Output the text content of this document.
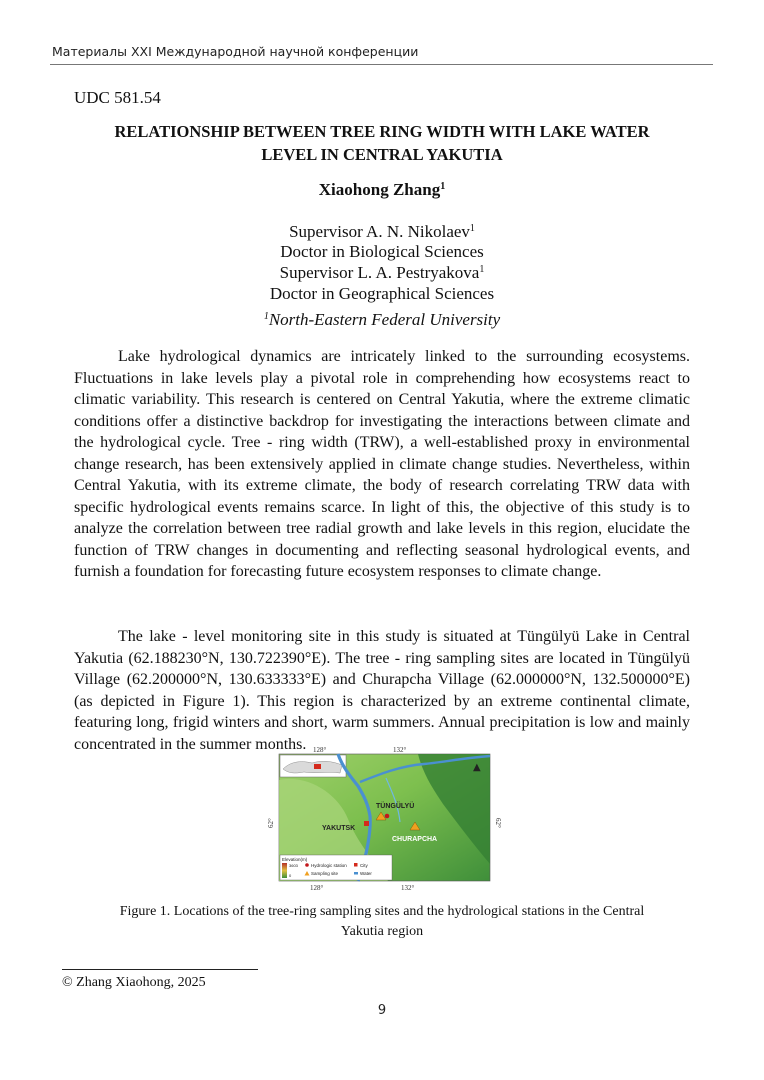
Материалы XXI Международной научной конференции
UDC 581.54
RELATIONSHIP BETWEEN TREE RING WIDTH WITH LAKE WATER
LEVEL IN CENTRAL YAKUTIA
Xiaohong Zhang$^1$
Supervisor A. N. Nikolaev$^1$
Doctor in Biological Sciences
Supervisor L. A. Pestryakova$^1$
Doctor in Geographical Sciences
$^1$North-Eastern Federal University

Lake hydrological dynamics are intricately linked to the surrounding ecosystems. Fluctuations in lake levels play a pivotal role in comprehending how ecosystems react to climatic variability. This research is centered on Central Yakutia, where the extreme climatic conditions offer a distinctive backdrop for investigating the interactions between climate and the hydrological cycle. Tree - ring width (TRW), a well-established proxy in environmental change research, has been extensively applied in climate change studies. Nevertheless, within Central Yakutia, with its extreme climate, the body of research correlating TRW data with specific hydrological events remains scarce. In light of this, the objective of this study is to analyze the correlation between tree radial growth and lake levels in this region, elucidate the function of TRW changes in documenting and reflecting seasonal hydrological events, and furnish a foundation for forecasting future ecosystem responses to climate change.

The lake - level monitoring site in this study is situated at Tüngülyü Lake in Central Yakutia (62.188230°N, 130.722390°E). The tree - ring sampling sites are located in Tüngülyü Village (62.200000°N, 130.633333°E) and Churapcha Village (62.000000°N, 132.500000°E) (as depicted in Figure 1). This region is characterized by an extreme continental climate, featuring long, frigid winters and short, warm summers. Annual precipitation is low and mainly concentrated in the summer months. 128°	132°
128°	132°
62°	62°
▲
TÜNGÜLYÜ
YAKUTSK
CHURAPCHA
Elevation(m)
3603
0
Hydrologic station	City
Sampling site	Water
Figure 1. Locations of the tree-ring sampling sites and the hydrological stations in the Central
Yakutia region
© Zhang Xiaohong, 2025
9
